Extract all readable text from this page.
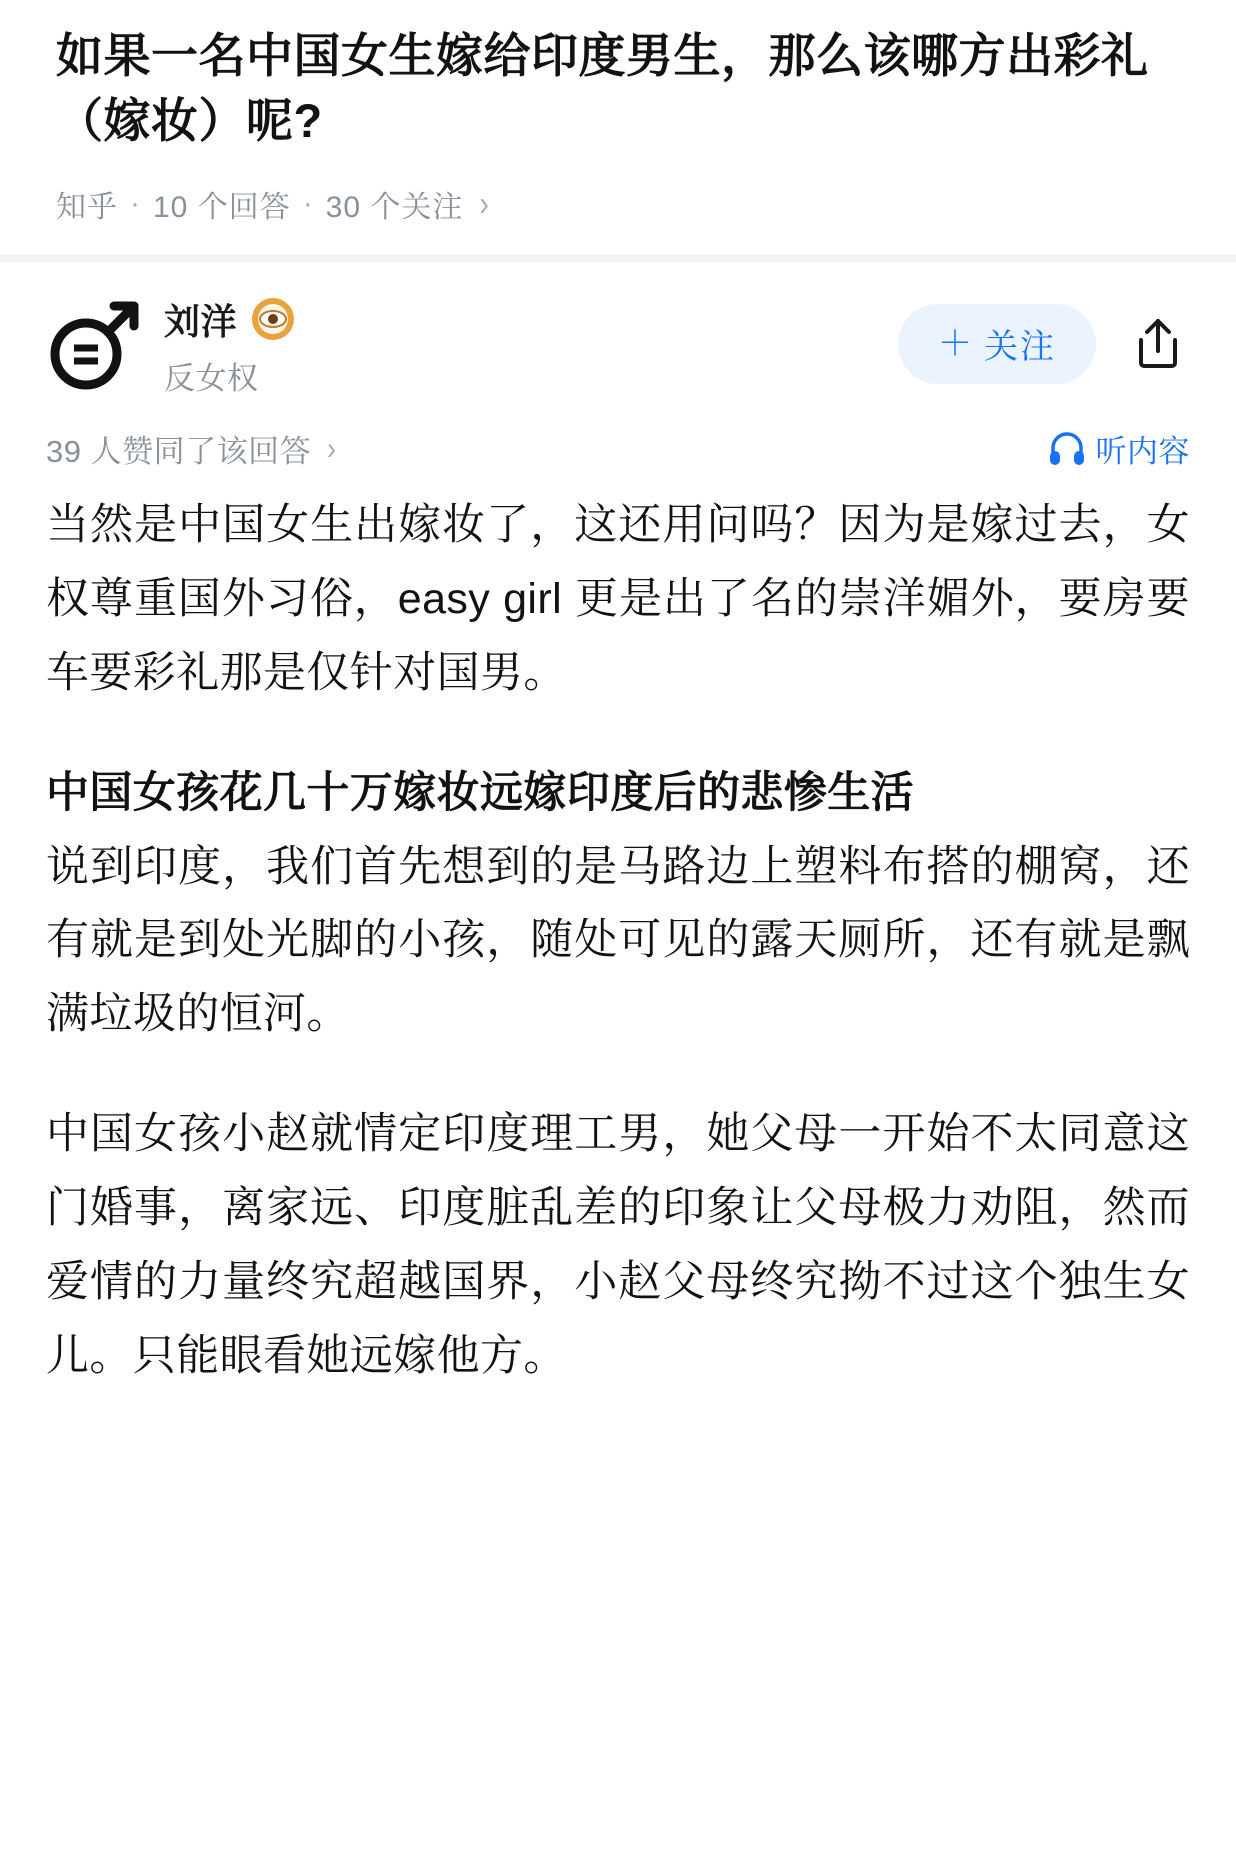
如果一名中国女生嫁给印度男生，那么该哪方出彩礼（嫁妆）呢?
知乎 · 10 个回答 · 30 个关注 ›
刘洋
反女权
＋ 关注
39 人赞同了该回答 ›	听内容

当然是中国女生出嫁妆了，这还用问吗？因为是嫁过去，女权尊重国外习俗，easy girl 更是出了名的崇洋媚外，要房要车要彩礼那是仅针对国男。

中国女孩花几十万嫁妆远嫁印度后的悲惨生活

说到印度，我们首先想到的是马路边上塑料布搭的棚窝，还有就是到处光脚的小孩，随处可见的露天厕所，还有就是飘满垃圾的恒河。

中国女孩小赵就情定印度理工男，她父母一开始不太同意这门婚事，离家远、印度脏乱差的印象让父母极力劝阻，然而爱情的力量终究超越国界，小赵父母终究拗不过这个独生女儿。只能眼看她远嫁他方。
